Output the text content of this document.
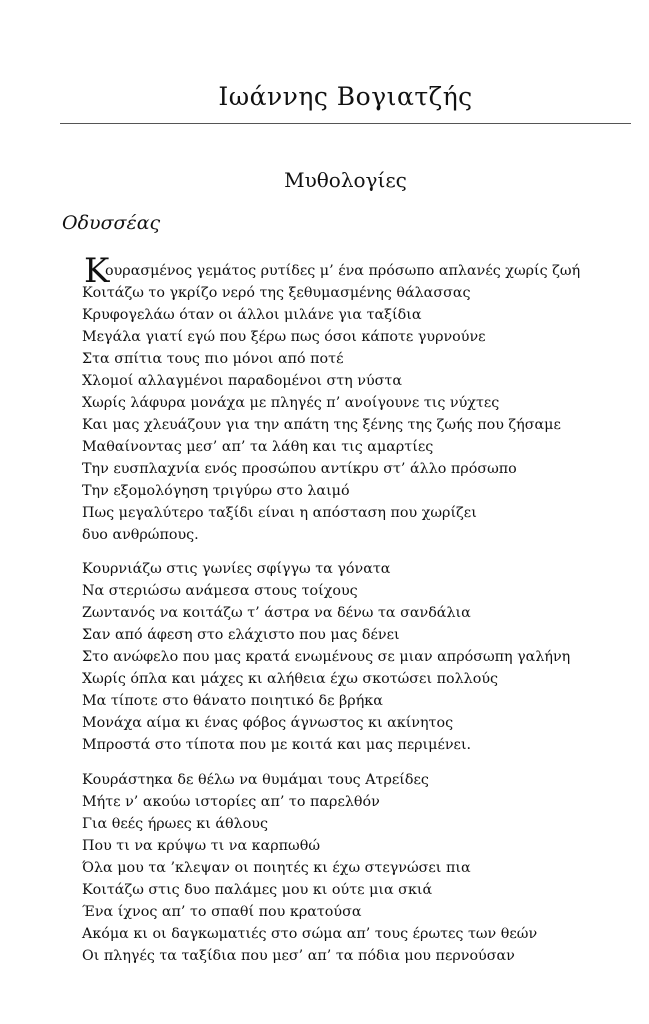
Ιωάννης Βογιατζής
Μυθολογίες
Οδυσσέας
Κ
ουρασμένος γεμάτος ρυτίδες μ’ ένα πρόσωπο απλανές χωρίς ζωή
Κοιτάζω το γκρίζο νερό της ξεθυμασμένης θάλασσας
Κρυφογελάω όταν οι άλλοι μιλάνε για ταξίδια
Μεγάλα γιατί εγώ που ξέρω πως όσοι κάποτε γυρνούνε
Στα σπίτια τους πιο μόνοι από ποτέ
Χλομοί αλλαγμένοι παραδομένοι στη νύστα
Χωρίς λάφυρα μονάχα με πληγές π’ ανοίγουνε τις νύχτες
Και μας χλευάζουν για την απάτη της ξένης της ζωής που ζήσαμε
Μαθαίνοντας μεσ’ απ’ τα λάθη και τις αμαρτίες
Την ευσπλαχνία ενός προσώπου αντίκρυ στ’ άλλο πρόσωπο
Την εξομολόγηση τριγύρω στο λαιμό
Πως μεγαλύτερο ταξίδι είναι η απόσταση που χωρίζει
δυο ανθρώπους.
Κουρνιάζω στις γωνίες σφίγγω τα γόνατα
Να στεριώσω ανάμεσα στους τοίχους
Ζωντανός να κοιτάζω τ’ άστρα να δένω τα σανδάλια
Σαν από άφεση στο ελάχιστο που μας δένει
Στο ανώφελο που μας κρατά ενωμένους σε μιαν απρόσωπη γαλήνη
Χωρίς όπλα και μάχες κι αλήθεια έχω σκοτώσει πολλούς
Μα τίποτε στο θάνατο ποιητικό δε βρήκα
Μονάχα αίμα κι ένας φόβος άγνωστος κι ακίνητος
Μπροστά στο τίποτα που με κοιτά και μας περιμένει.
Κουράστηκα δε θέλω να θυμάμαι τους Ατρείδες
Μήτε ν’ ακούω ιστορίες απ’ το παρελθόν
Για θεές ήρωες κι άθλους
Που τι να κρύψω τι να καρπωθώ
Όλα μου τα ’κλεψαν οι ποιητές κι έχω στεγνώσει πια
Κοιτάζω στις δυο παλάμες μου κι ούτε μια σκιά
Ένα ίχνος απ’ το σπαθί που κρατούσα
Ακόμα κι οι δαγκωματιές στο σώμα απ’ τους έρωτες των θεών
Οι πληγές τα ταξίδια που μεσ’ απ’ τα πόδια μου περνούσαν
